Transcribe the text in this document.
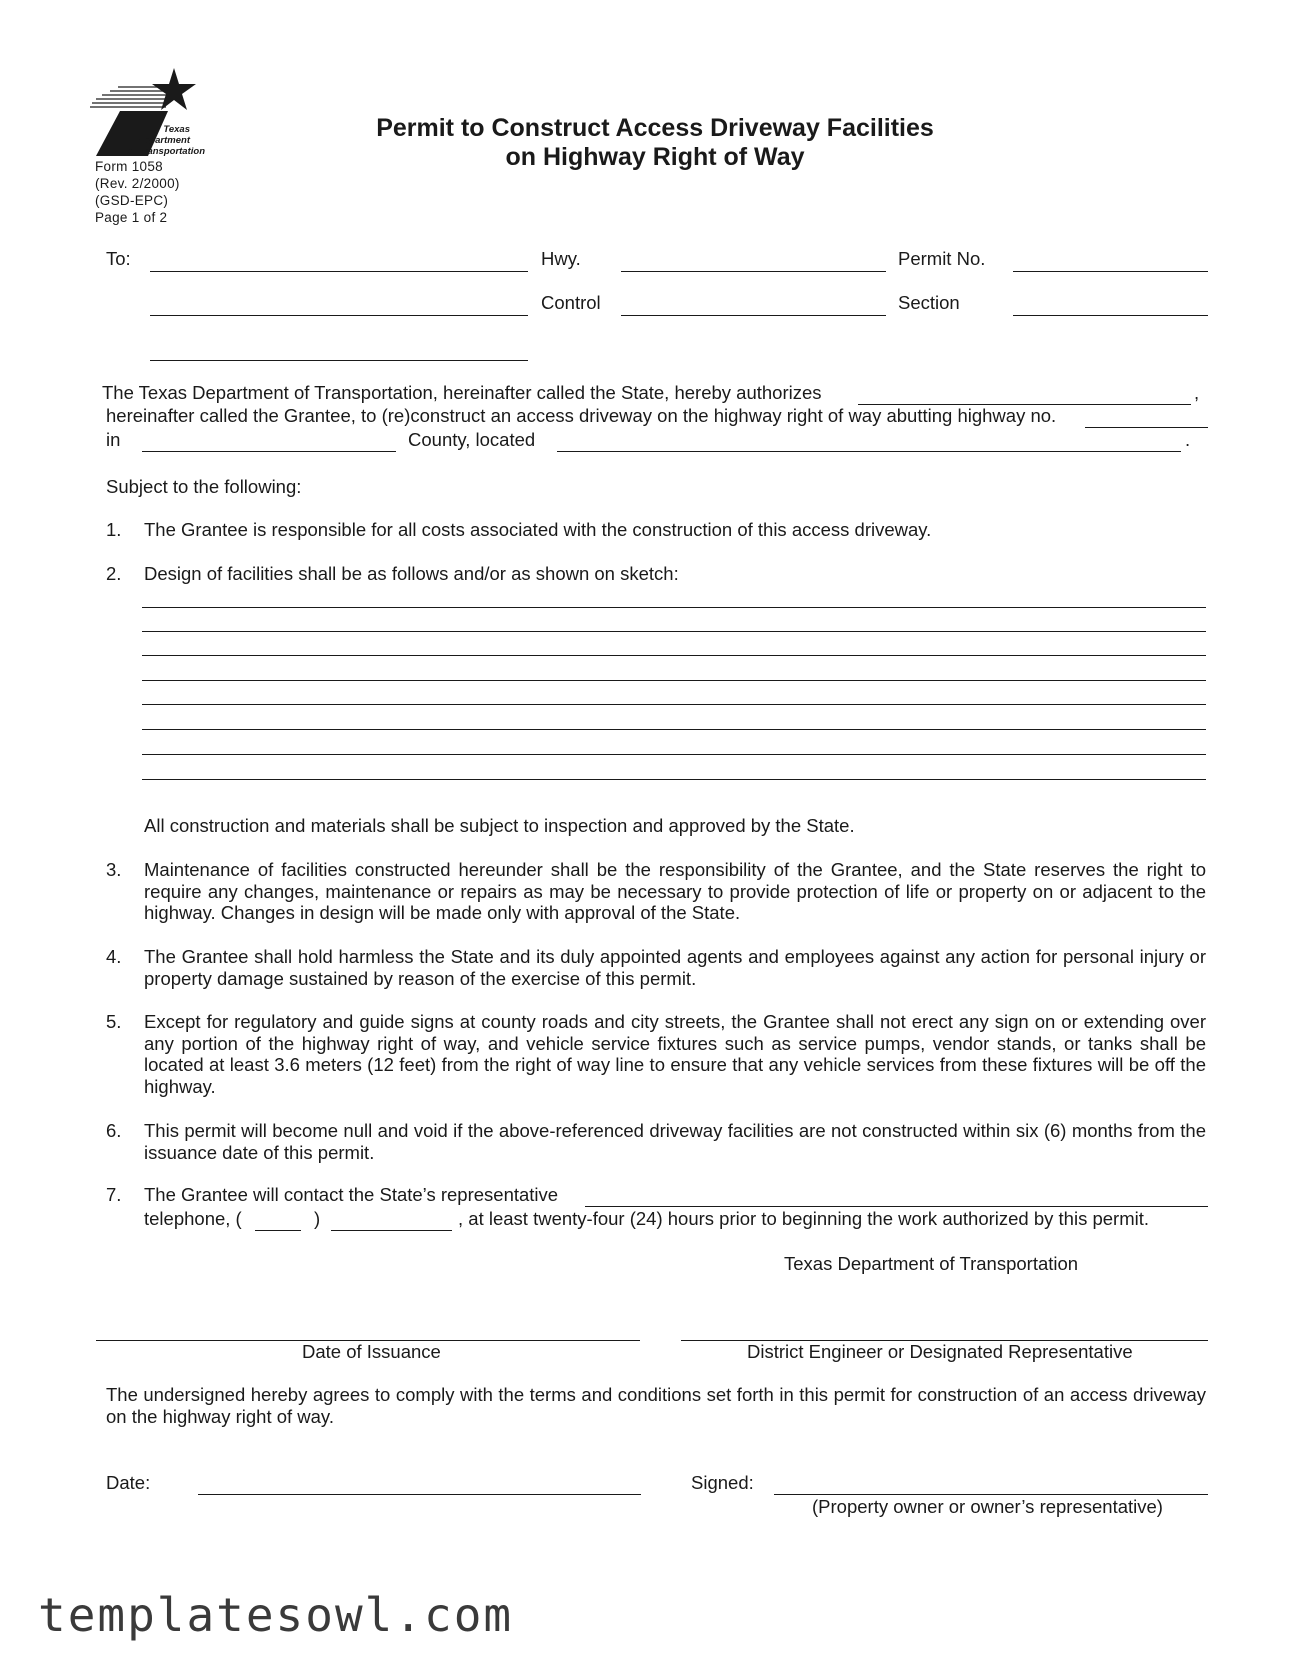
Texas
Department
of Transportation
Form 1058
(Rev. 2/2000)
(GSD-EPC)
Page 1 of 2
Permit to Construct Access Driveway Facilities
on Highway Right of Way
To:	Hwy.	Permit No.
Control	Section
The Texas Department of Transportation, hereinafter called the State, hereby authorizes	,
hereinafter called the Grantee, to (re)construct an access driveway on the highway right of way abutting highway no.
in	County, located	.
Subject to the following:
1. The Grantee is responsible for all costs associated with the construction of this access driveway.
2. Design of facilities shall be as follows and/or as shown on sketch:
All construction and materials shall be subject to inspection and approved by the State.
3. Maintenance of facilities constructed hereunder shall be the responsibility of the Grantee, and the State reserves the right to require any changes, maintenance or repairs as may be necessary to provide protection of life or property on or adjacent to the highway. Changes in design will be made only with approval of the State.
4. The Grantee shall hold harmless the State and its duly appointed agents and employees against any action for personal injury or property damage sustained by reason of the exercise of this permit.
5. Except for regulatory and guide signs at county roads and city streets, the Grantee shall not erect any sign on or extending over any portion of the highway right of way, and vehicle service fixtures such as service pumps, vendor stands, or tanks shall be located at least 3.6 meters (12 feet) from the right of way line to ensure that any vehicle services from these fixtures will be off the highway.
6. This permit will become null and void if the above-referenced driveway facilities are not constructed within six (6) months from the issuance date of this permit.
7. The Grantee will contact the State’s representative
telephone, (	)	, at least twenty-four (24) hours prior to beginning the work authorized by this permit.
Texas Department of Transportation
Date of Issuance	District Engineer or Designated Representative
The undersigned hereby agrees to comply with the terms and conditions set forth in this permit for construction of an access driveway on the highway right of way.
Date:	Signed:
(Property owner or owner’s representative)
templatesowl.com
